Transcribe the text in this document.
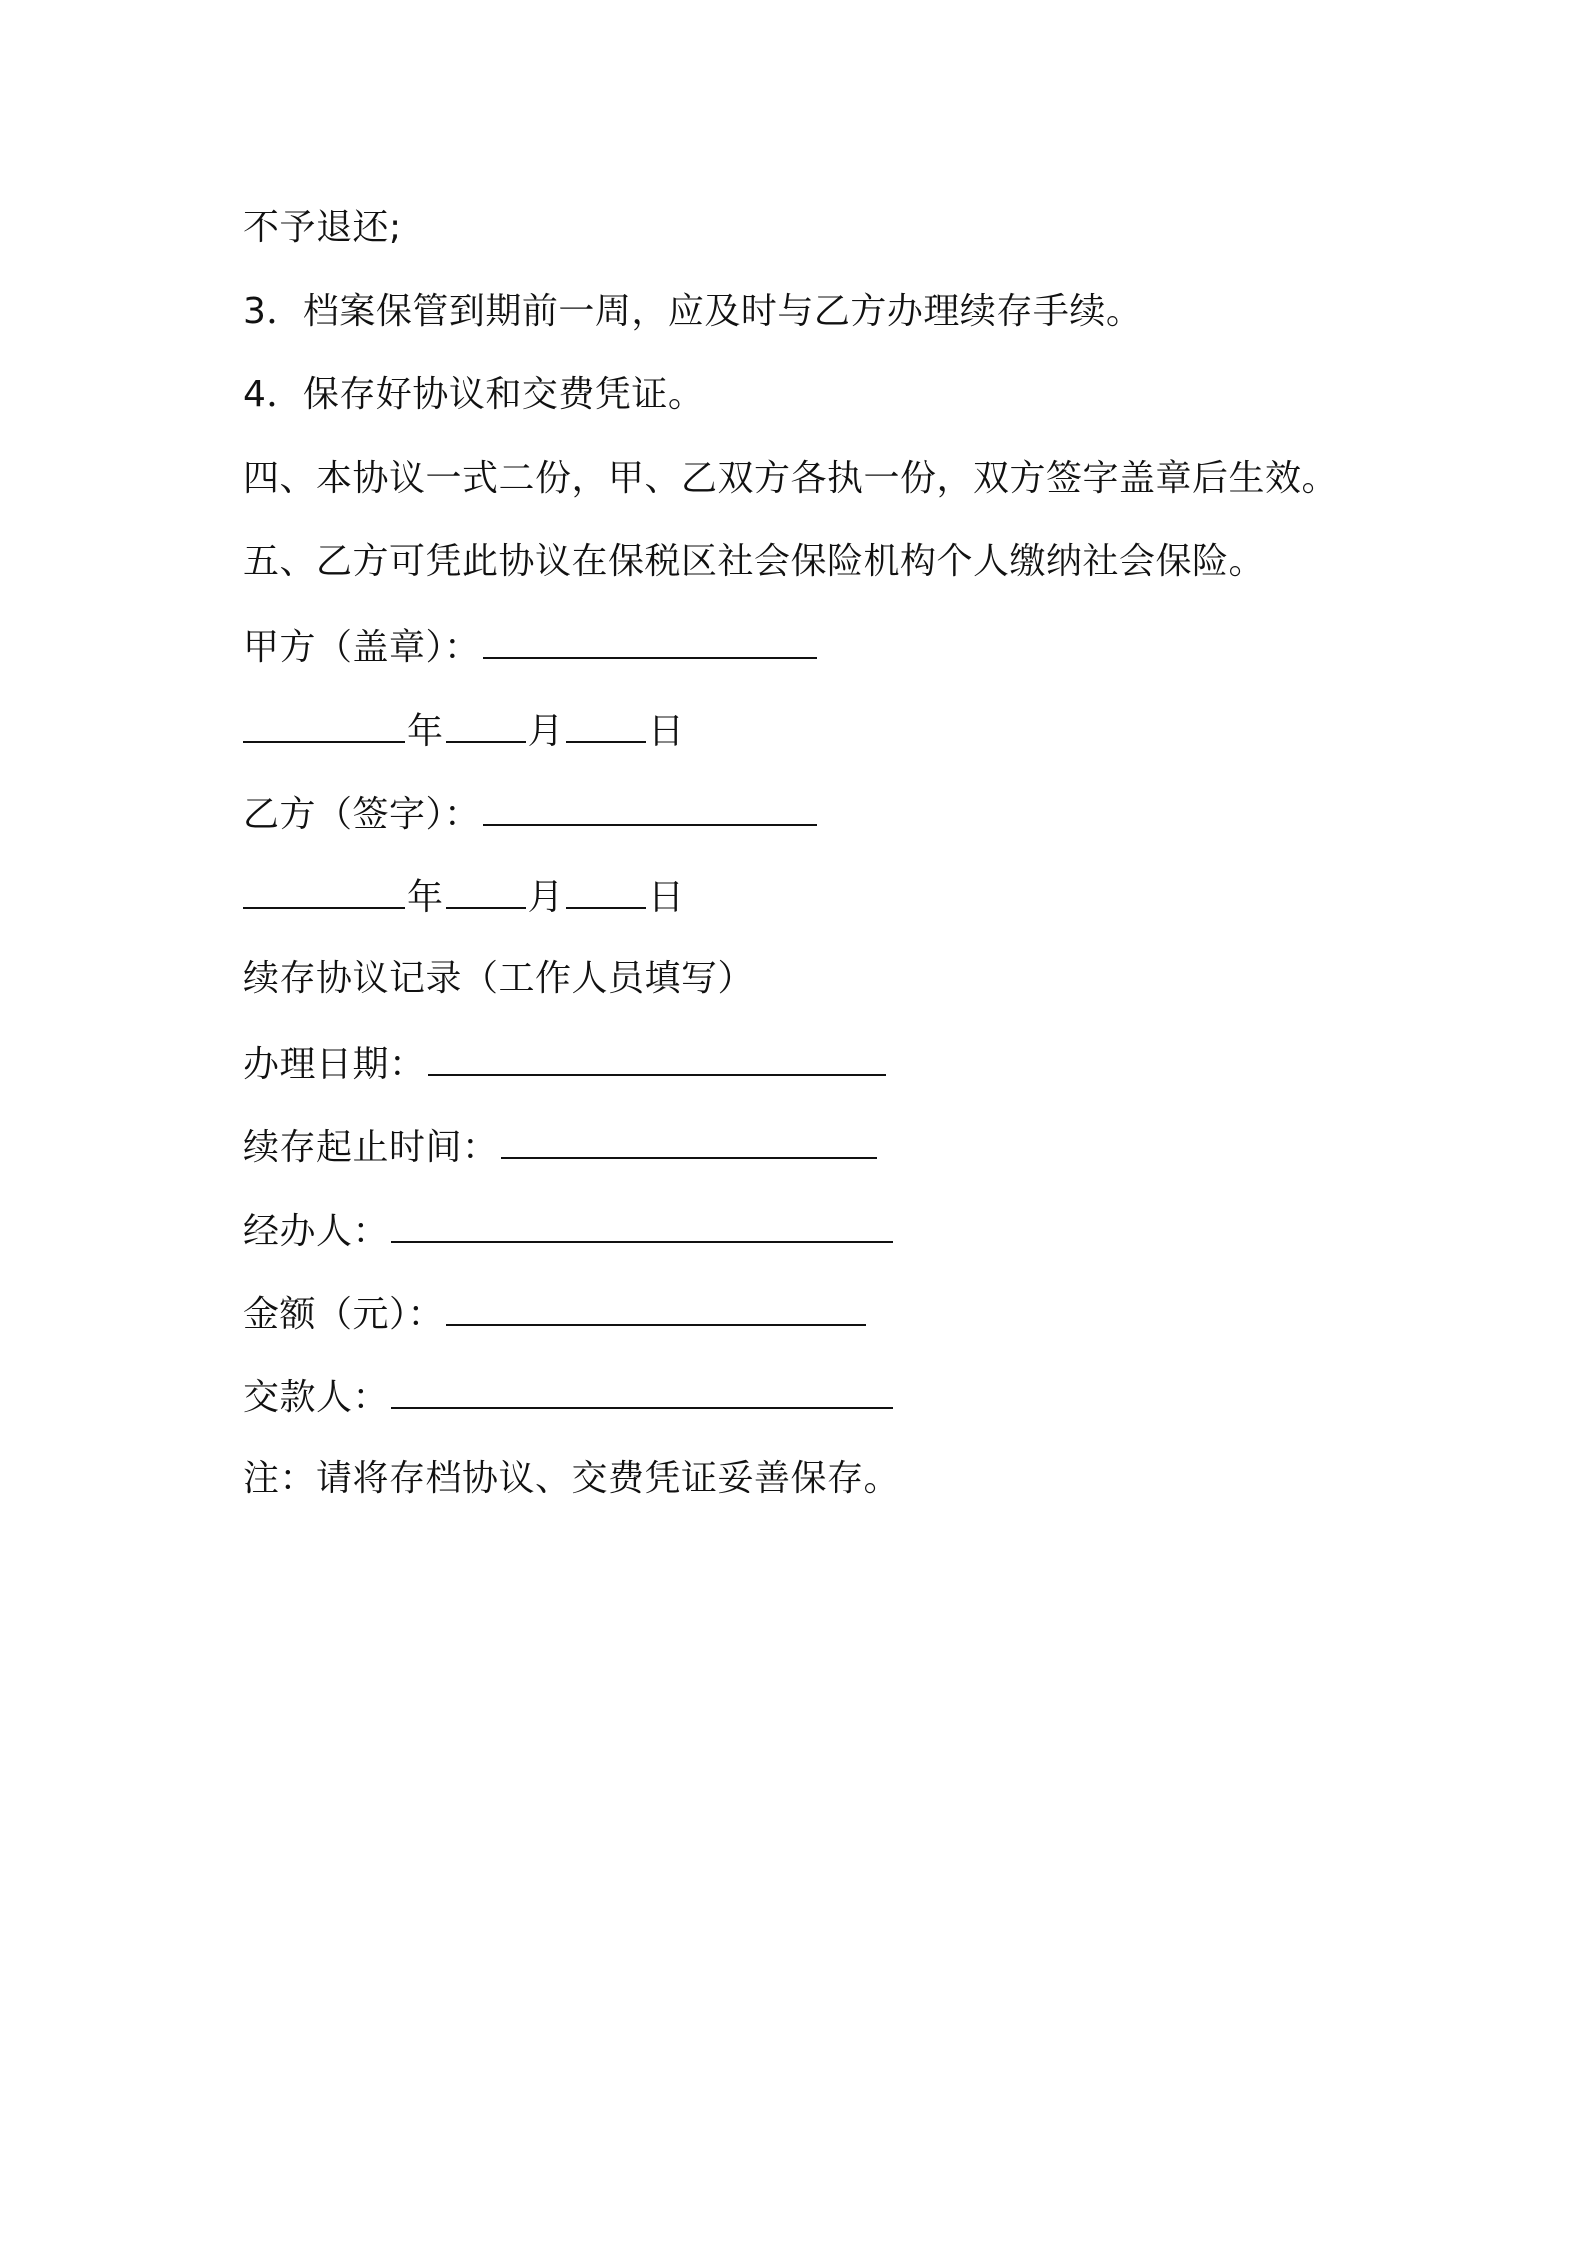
不予退还;
3．档案保管到期前一周，应及时与乙方办理续存手续。
4．保存好协议和交费凭证。
四、本协议一式二份，甲、乙双方各执一份，双方签字盖章后生效。
五、乙方可凭此协议在保税区社会保险机构个人缴纳社会保险。
甲方（盖章）：
年 月 日
乙方（签字）：
年 月 日
续存协议记录（工作人员填写）
办理日期：
续存起止时间：
经办人：
金额（元）：
交款人：
注：请将存档协议、交费凭证妥善保存。
